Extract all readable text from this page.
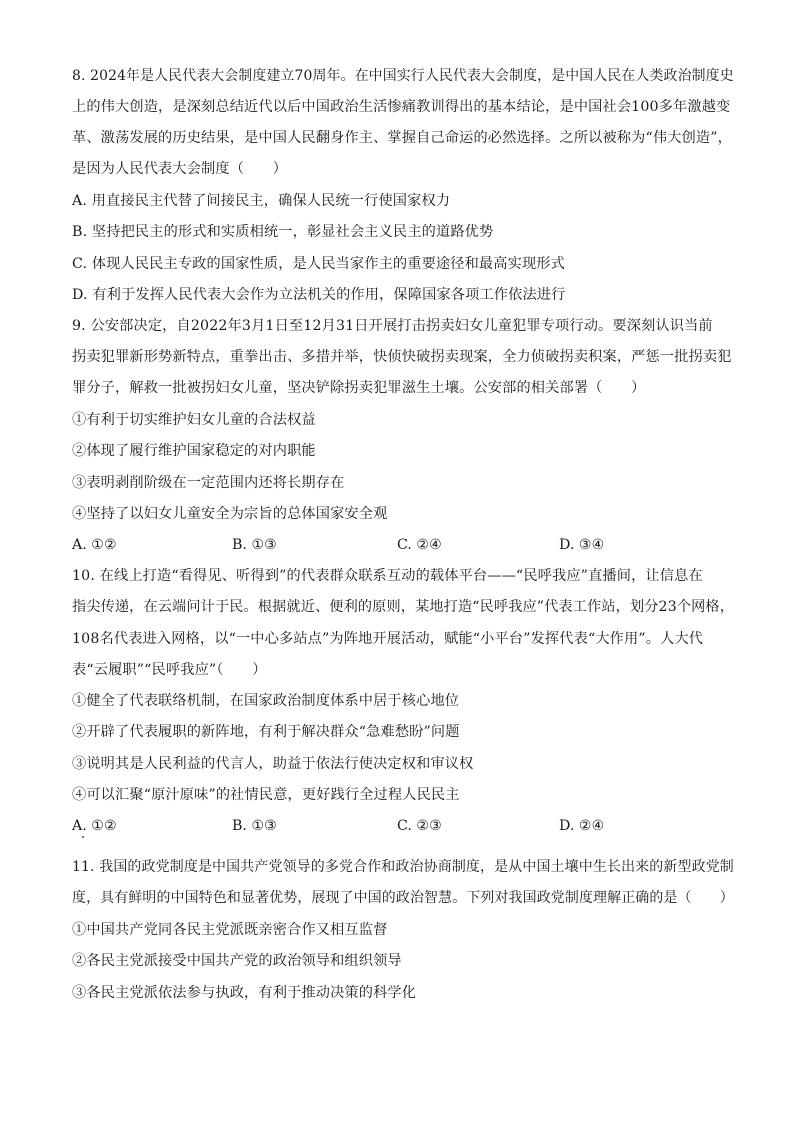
8. 2024年是人民代表大会制度建立70周年。在中国实行人民代表大会制度，是中国人民在人类政治制度史
上的伟大创造，是深刻总结近代以后中国政治生活惨痛教训得出的基本结论，是中国社会100多年激越变
革、激荡发展的历史结果，是中国人民翻身作主、掌握自己命运的必然选择。之所以被称为“伟大创造”，
是因为人民代表大会制度（　　）
A. 用直接民主代替了间接民主，确保人民统一行使国家权力
B. 坚持把民主的形式和实质相统一，彰显社会主义民主的道路优势
C. 体现人民民主专政的国家性质，是人民当家作主的重要途径和最高实现形式
D. 有利于发挥人民代表大会作为立法机关的作用，保障国家各项工作依法进行
9. 公安部决定，自2022年3月1日至12月31日开展打击拐卖妇女儿童犯罪专项行动。要深刻认识当前
拐卖犯罪新形势新特点，重拳出击、多措并举，快侦快破拐卖现案，全力侦破拐卖积案，严惩一批拐卖犯
罪分子，解救一批被拐妇女儿童，坚决铲除拐卖犯罪滋生土壤。公安部的相关部署（　　）
①有利于切实维护妇女儿童的合法权益
②体现了履行维护国家稳定的对内职能
③表明剥削阶级在一定范围内还将长期存在
④坚持了以妇女儿童安全为宗旨的总体国家安全观
A. ①②	B. ①③	C. ②④	D. ③④
10. 在线上打造“看得见、听得到”的代表群众联系互动的载体平台——“民呼我应”直播间，让信息在
指尖传递，在云端问计于民。根据就近、便利的原则，某地打造“民呼我应”代表工作站，划分23个网格，
108名代表进入网格，以“一中心多站点”为阵地开展活动，赋能“小平台”发挥代表“大作用”。人大代
表“云履职”“民呼我应”（　　）
①健全了代表联络机制，在国家政治制度体系中居于核心地位
②开辟了代表履职的新阵地，有利于解决群众“急难愁盼”问题
③说明其是人民利益的代言人，助益于依法行使决定权和审议权
④可以汇聚“原汁原味”的社情民意，更好践行全过程人民民主
A. ①②	B. ①③	C. ②③	D. ②④
11. 我国的政党制度是中国共产党领导的多党合作和政治协商制度，是从中国土壤中生长出来的新型政党制
度，具有鲜明的中国特色和显著优势，展现了中国的政治智慧。下列对我国政党制度理解正确的是（　　）
①中国共产党同各民主党派既亲密合作又相互监督
②各民主党派接受中国共产党的政治领导和组织领导
③各民主党派依法参与执政，有利于推动决策的科学化
